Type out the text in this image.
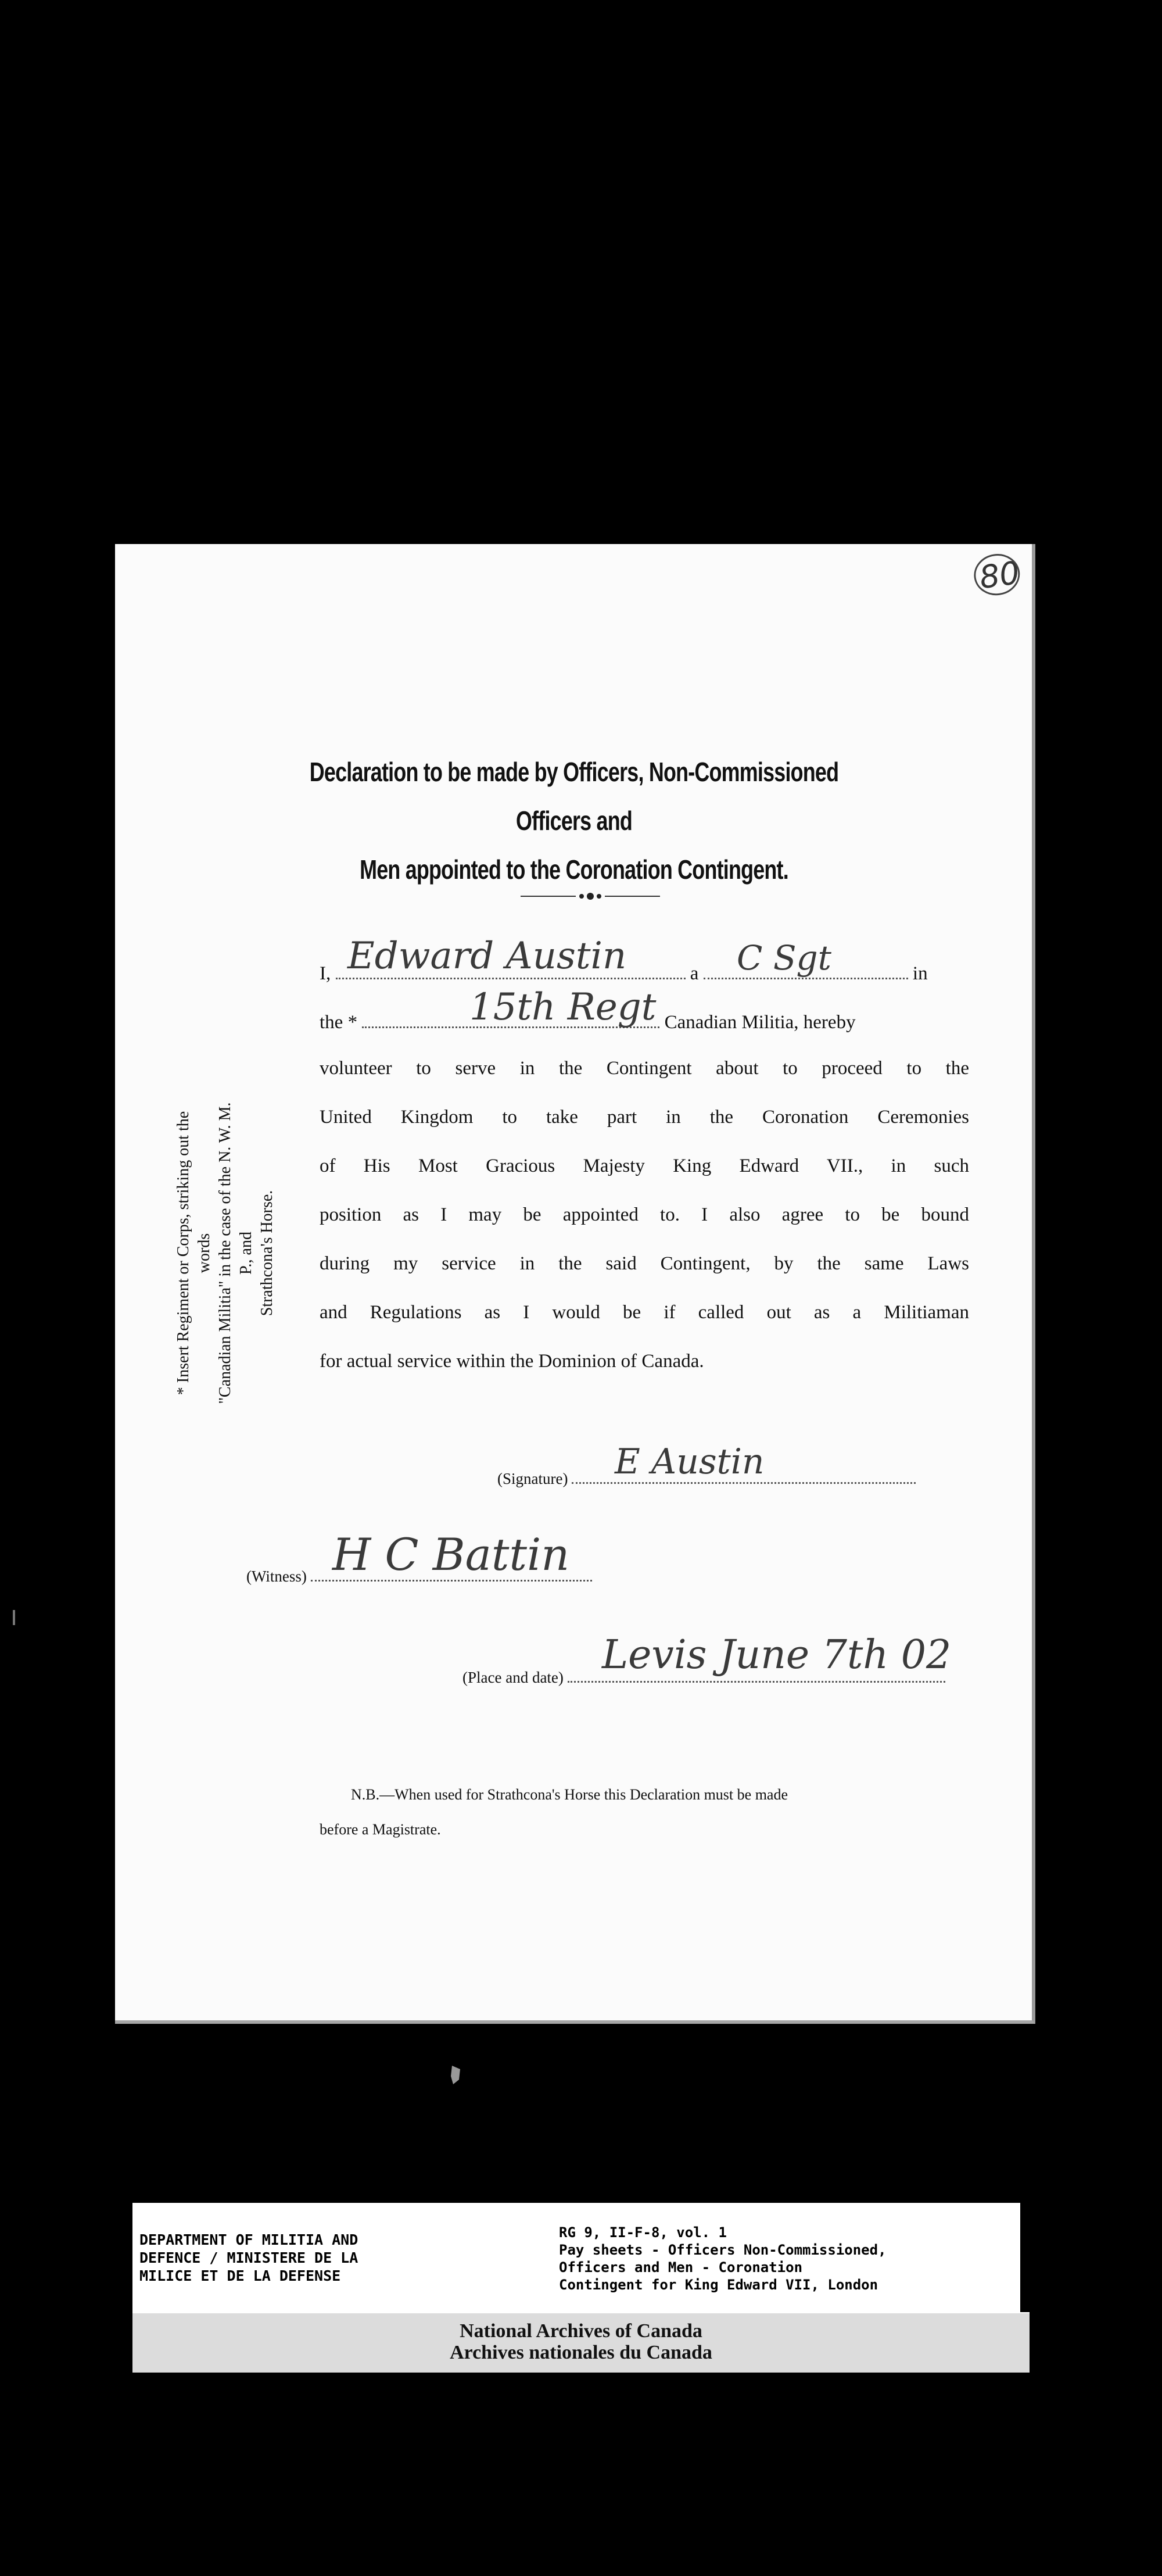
80
Declaration to be made by Officers, Non-Commissioned Officers and
Men appointed to the Coronation Contingent.
I,	a	in
Edward Austin	C Sgt
the *	Canadian Militia, hereby
15th Regt
volunteer to serve in the Contingent about to proceed to the
United Kingdom to take part in the Coronation Ceremonies
of His Most Gracious Majesty King Edward VII., in such
position as I may be appointed to. I also agree to be bound
during my service in the said Contingent, by the same Laws
and Regulations as I would be if called out as a Militiaman
for actual service within the Dominion of Canada.
* Insert Regiment or Corps, striking out the words "Canadian Militia" in the case of the N. W. M. P., and Strathcona's Horse.
(Signature) E Austin
(Witness) H C Battin
(Place and date) Levis June 7th 02
N.B.—When used for Strathcona's Horse this Declaration must be made
before a Magistrate.
DEPARTMENT OF MILITIA AND
DEFENCE / MINISTERE DE LA
MILICE ET DE LA DEFENSE
RG 9, II-F-8, vol. 1
Pay sheets - Officers Non-Commissioned,
Officers and Men - Coronation
Contingent for King Edward VII, London
National Archives of Canada
Archives nationales du Canada
